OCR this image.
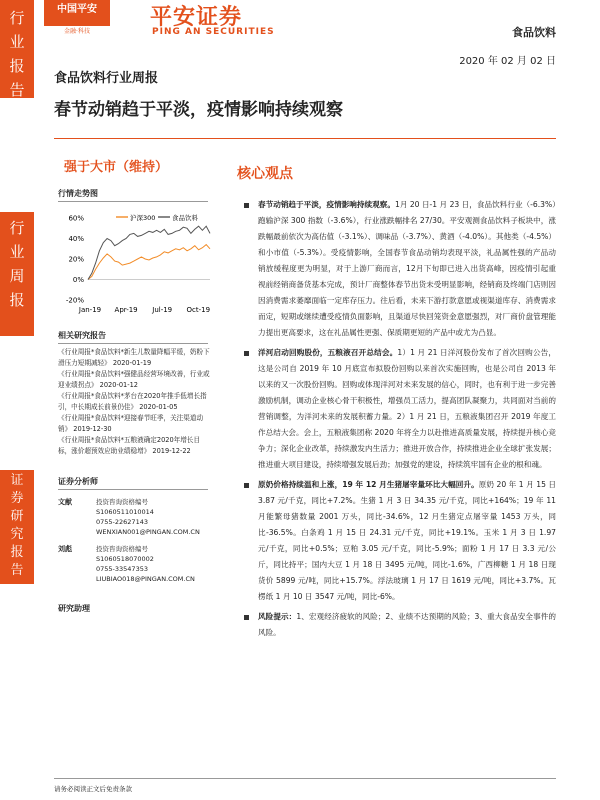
行
业
报
告
行
业
周
报
证
券
研
究
报
告
中国平安
金融·科技
平安证券
PING AN SECURITIES	食品饮料
2020 年 02 月 02 日
食品饮料行业周报
春节动销趋于平淡，疫情影响持续观察
强于大市（维持）	核心观点
行情走势图
60%
40%
20%
0%
-20%
Jan-19 Apr-19 Jul-19 Oct-19
沪深300	食品饮料
相关研究报告
《行业周报*食品饮料*新生儿数量降幅平缓，奶粉下滑压力短期减轻》 2020-01-19
《行业周报*食品饮料*强健品经营环境改善，行业或迎业绩拐点》 2020-01-12
《行业周报*食品饮料*茅台在2020年推手低增长指引，中长期成长前景仍佳》 2020-01-05
《行业周报*食品饮料*迎接春节旺季，关注渠道动销》 2019-12-30
《行业周报*食品饮料*五粮液确定2020年增长目标，涨价超预效应助业绩稳增》 2019-12-22
证券分析师
文献	投资咨询资格编号
S1060511010014
0755-22627143
WENXIAN001@PINGAN.COM.CN
刘彪	投资咨询资格编号
S1060518070002
0755-33547353
LIUBIAO018@PINGAN.COM.CN
研究助理
春节动销趋于平淡，疫情影响持续观察。1月 20 日-1 月 23 日，食品饮料行业（-6.3%）跑输沪深 300 指数（-3.6%），行业涨跌幅排名 27/30。平安观测食品饮料子板块中，涨跌幅最前依次为高估值（-3.1%）、调味品（-3.7%）、黄酒（-4.0%）。其他类（-4.5%）和小市值（-5.3%）。受疫情影响，全国春节食品动销均表现平淡，礼品属性强的产品动销放缓程度更为明显，对于上游厂商而言，12月下旬即已进入出货高峰，因疫情引起重视前经销商备货基本完成，预计厂商整体春节出货未受明显影响，经销商及终端门店则因因消费需求萎靡面临一定库存压力。往后看，未来下游打款意愿或视渠道库存、消费需求而定，短期或继续遭受疫情负面影响，且渠道尽快回笼资金意愿强烈，对厂商价盘管理能力提出更高要求，这在礼品属性更强、保质期更短的产品中或尤为凸显。
洋河启动回购股份，五粮液召开总结会。1）1 月 21 日洋河股份发布了首次回购公告，这是公司自 2019 年 10 月底宣布拟股份回购以来首次实施回购，也是公司自 2013 年以来的又一次股份回购。回购或体现洋河对未来发展的信心，同时，也有利于进一步完善激励机制，调动企业核心骨干积极性，增强员工活力，提高团队凝聚力，共同面对当前的营销调整，为洋河未来的发展积蓄力量。2）1 月 21 日，五粮液集团召开 2019 年度工作总结大会。会上，五粮液集团称 2020 年将全力以赴推进高质量发展，持续提升核心竞争力；深化企业改革，持续激发内生活力；推进开放合作，持续推进企业全球扩张发展；推进重大项目建设，持续增强发展后劲；加强党的建设，持续筑牢国有企业的根和魂。
原奶价格持续温和上涨，19 年 12 月生猪屠宰量环比大幅回升。原奶 20 年 1 月 15 日 3.87 元/千克，同比+7.2%。生猪 1 月 3 日 34.35 元/千克，同比+164%；19 年 11 月能繁母猪数量 2001 万头，同比-34.6%，12 月生猪定点屠宰量 1453 万头，同比-36.5%。白条鸡 1 月 15 日 24.31 元/千克，同比+19.1%。玉米 1 月 3 日 1.97 元/千克，同比+0.5%；豆粕 3.05 元/千克，同比-5.9%；面粉 1 月 17 日 3.3 元/公斤，同比持平；国内大豆 1 月 18 日 3495 元/吨，同比-1.6%，广西柳糖 1 月 18 日现货价 5899 元/吨，同比+15.7%。浮法玻璃 1 月 17 日 1619 元/吨，同比+3.7%。瓦楞纸 1 月 10 日 3547 元/吨，同比-6%。
风险提示：1、宏观经济疲软的风险；2、业绩不达预期的风险；3、重大食品安全事件的风险。
请务必阅读正文后免责条款
